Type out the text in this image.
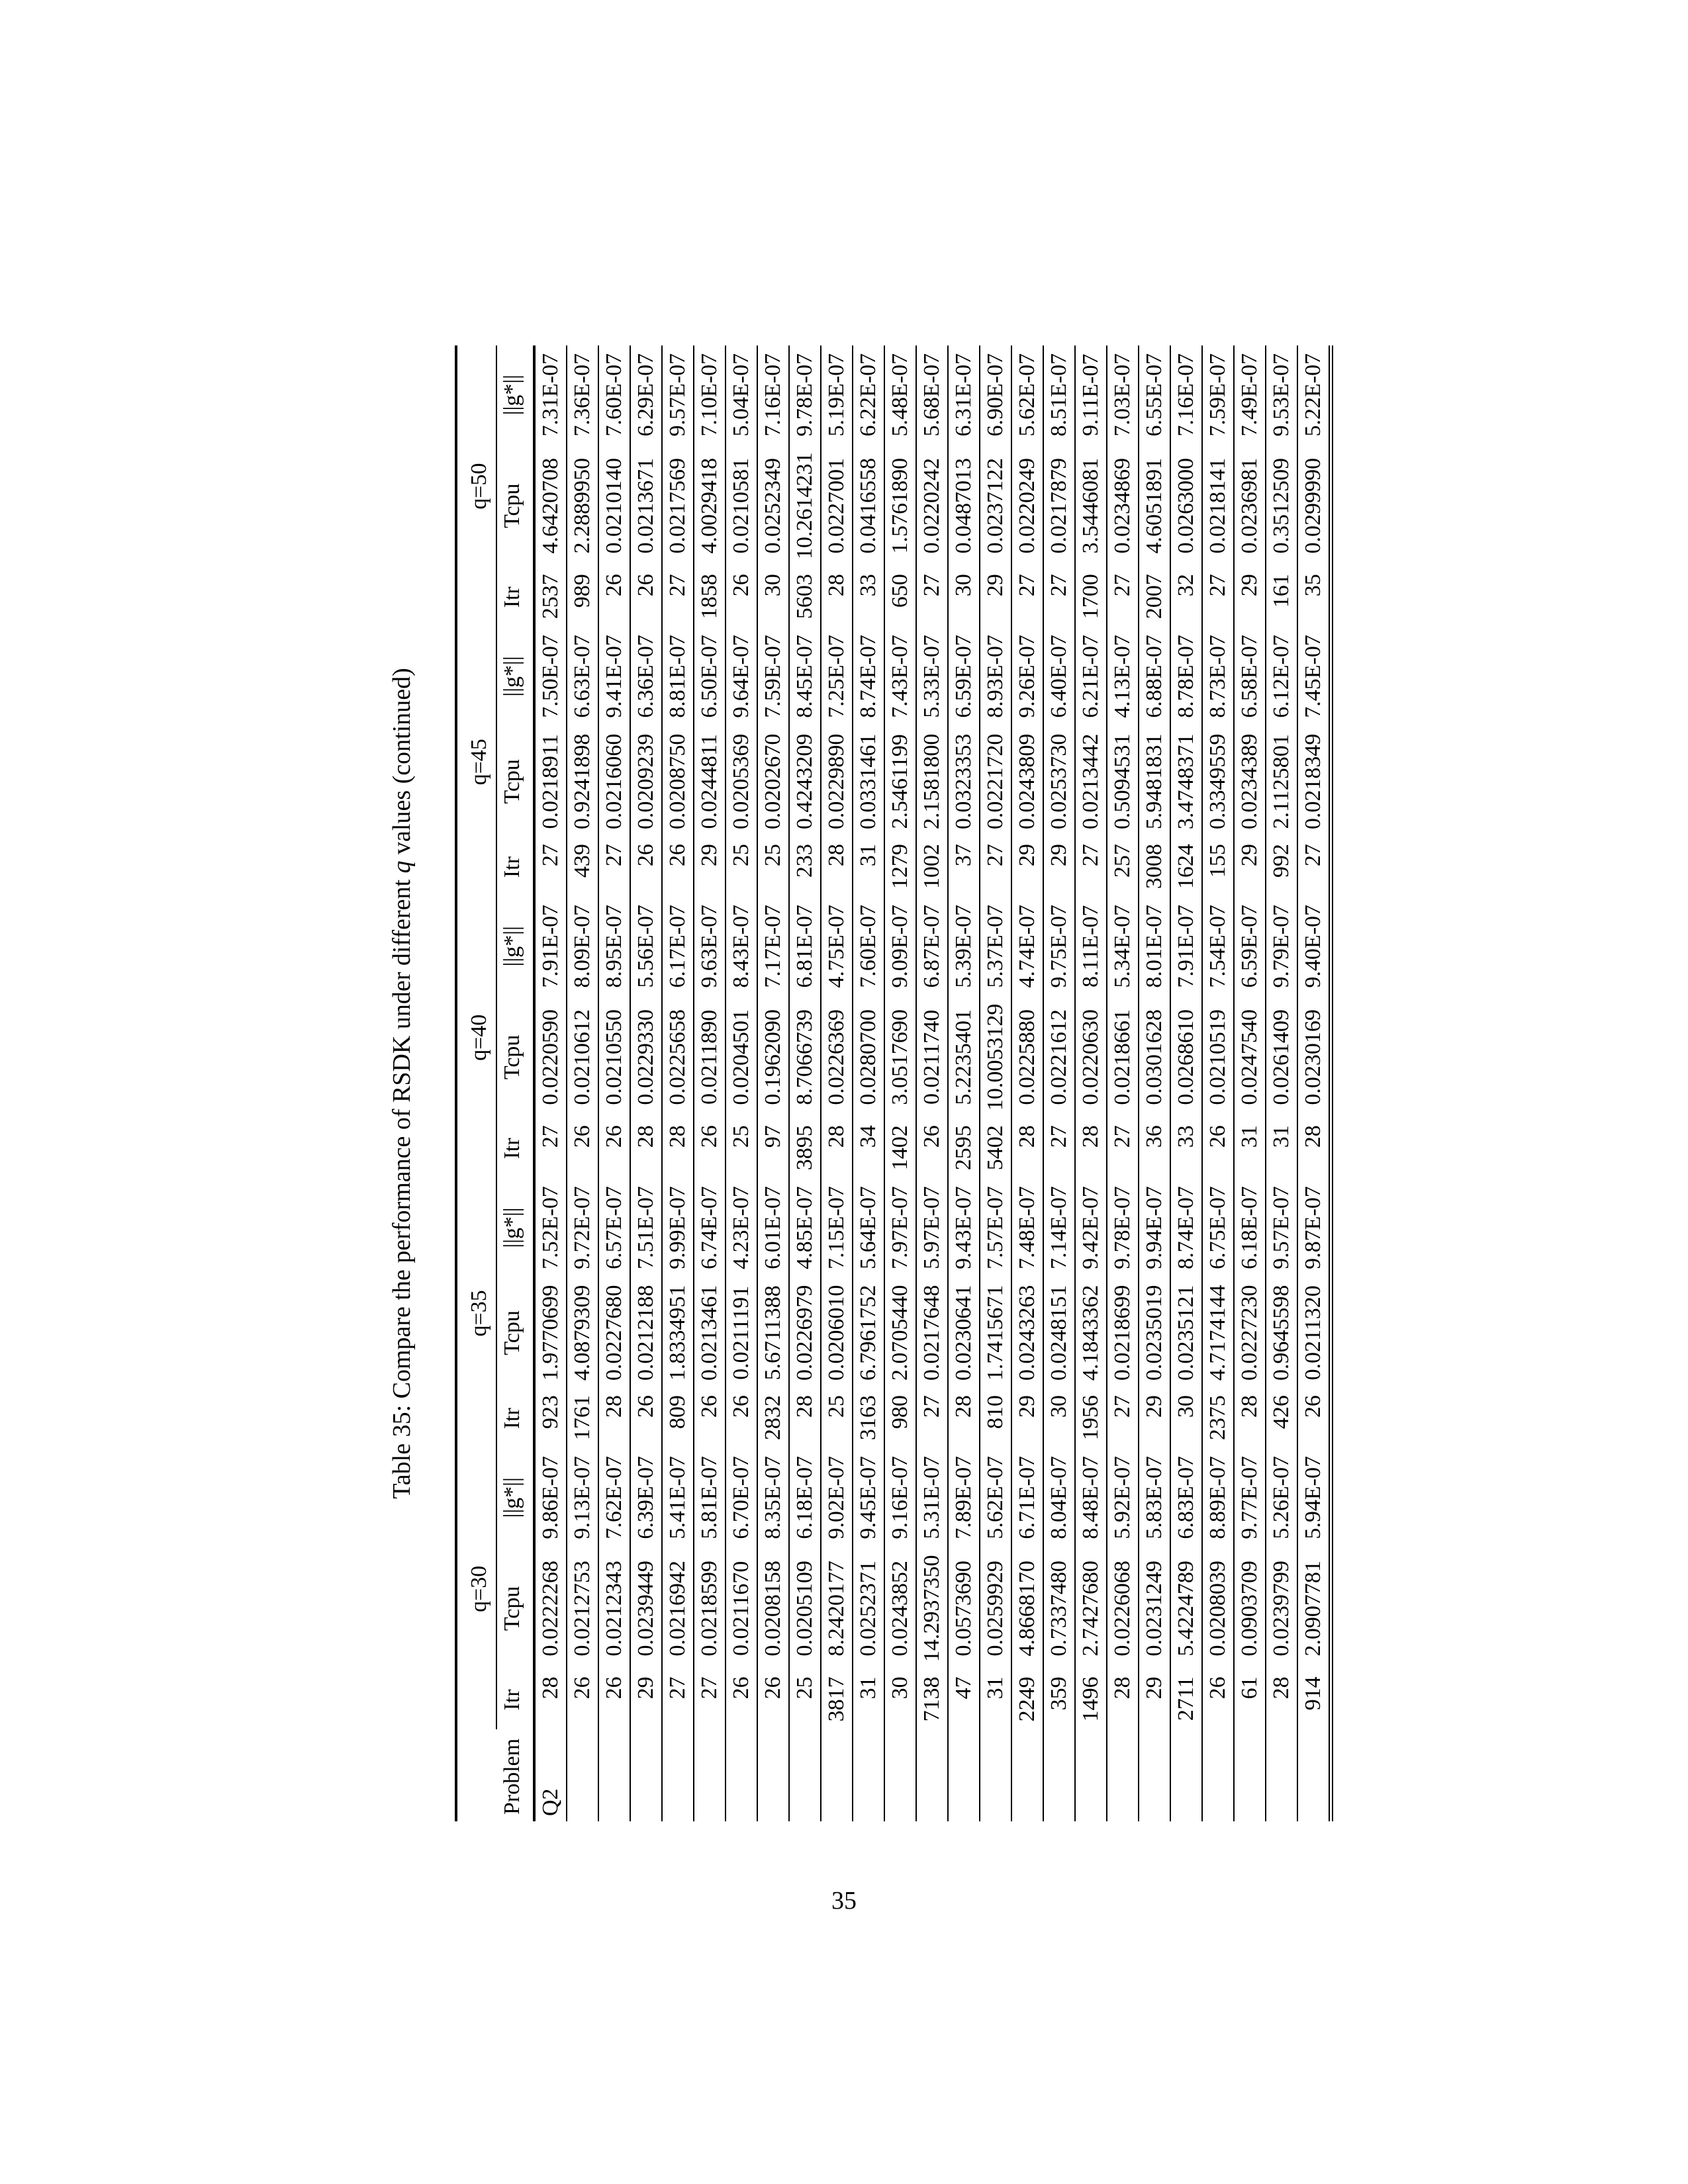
Table 35: Compare the performance of RSDK under different q values (continued)
	q=30			q=35			q=40			q=45			q=50		
Problem	Itr	Tcpu	||g*||	Itr	Tcpu	||g*||	Itr	Tcpu	||g*||	Itr	Tcpu	||g*||	Itr	Tcpu	||g*||
Q2	28	0.0222268	9.86E-07	923	1.9770699	7.52E-07	27	0.0220590	7.91E-07	27	0.0218911	7.50E-07	2537	4.6420708	7.31E-07
	26	0.0212753	9.13E-07	1761	4.0879309	9.72E-07	26	0.0210612	8.09E-07	439	0.9241898	6.63E-07	989	2.2889950	7.36E-07
	26	0.0212343	7.62E-07	28	0.0227680	6.57E-07	26	0.0210550	8.95E-07	27	0.0216060	9.41E-07	26	0.0210140	7.60E-07
	29	0.0239449	6.39E-07	26	0.0212188	7.51E-07	28	0.0229330	5.56E-07	26	0.0209239	6.36E-07	26	0.0213671	6.29E-07
	27	0.0216942	5.41E-07	809	1.8334951	9.99E-07	28	0.0225658	6.17E-07	26	0.0208750	8.81E-07	27	0.0217569	9.57E-07
	27	0.0218599	5.81E-07	26	0.0213461	6.74E-07	26	0.0211890	9.63E-07	29	0.0244811	6.50E-07	1858	4.0029418	7.10E-07
	26	0.0211670	6.70E-07	26	0.0211191	4.23E-07	25	0.0204501	8.43E-07	25	0.0205369	9.64E-07	26	0.0210581	5.04E-07
	26	0.0208158	8.35E-07	2832	5.6711388	6.01E-07	97	0.1962090	7.17E-07	25	0.0202670	7.59E-07	30	0.0252349	7.16E-07
	25	0.0205109	6.18E-07	28	0.0226979	4.85E-07	3895	8.7066739	6.81E-07	233	0.4243209	8.45E-07	5603	10.2614231	9.78E-07
	3817	8.2420177	9.02E-07	25	0.0206010	7.15E-07	28	0.0226369	4.75E-07	28	0.0229890	7.25E-07	28	0.0227001	5.19E-07
	31	0.0252371	9.45E-07	3163	6.7961752	5.64E-07	34	0.0280700	7.60E-07	31	0.0331461	8.74E-07	33	0.0416558	6.22E-07
	30	0.0243852	9.16E-07	980	2.0705440	7.97E-07	1402	3.0517690	9.09E-07	1279	2.5461199	7.43E-07	650	1.5761890	5.48E-07
	7138	14.2937350	5.31E-07	27	0.0217648	5.97E-07	26	0.0211740	6.87E-07	1002	2.1581800	5.33E-07	27	0.0220242	5.68E-07
	47	0.0573690	7.89E-07	28	0.0230641	9.43E-07	2595	5.2235401	5.39E-07	37	0.0323353	6.59E-07	30	0.0487013	6.31E-07
	31	0.0259929	5.62E-07	810	1.7415671	7.57E-07	5402	10.0053129	5.37E-07	27	0.0221720	8.93E-07	29	0.0237122	6.90E-07
	2249	4.8668170	6.71E-07	29	0.0243263	7.48E-07	28	0.0225880	4.74E-07	29	0.0243809	9.26E-07	27	0.0220249	5.62E-07
	359	0.7337480	8.04E-07	30	0.0248151	7.14E-07	27	0.0221612	9.75E-07	29	0.0253730	6.40E-07	27	0.0217879	8.51E-07
	1496	2.7427680	8.48E-07	1956	4.1843362	9.42E-07	28	0.0220630	8.11E-07	27	0.0213442	6.21E-07	1700	3.5446081	9.11E-07
	28	0.0226068	5.92E-07	27	0.0218699	9.78E-07	27	0.0218661	5.34E-07	257	0.5094531	4.13E-07	27	0.0234869	7.03E-07
	29	0.0231249	5.83E-07	29	0.0235019	9.94E-07	36	0.0301628	8.01E-07	3008	5.9481831	6.88E-07	2007	4.6051891	6.55E-07
	2711	5.4224789	6.83E-07	30	0.0235121	8.74E-07	33	0.0268610	7.91E-07	1624	3.4748371	8.78E-07	32	0.0263000	7.16E-07
	26	0.0208039	8.89E-07	2375	4.7174144	6.75E-07	26	0.0210519	7.54E-07	155	0.3349559	8.73E-07	27	0.0218141	7.59E-07
	61	0.0903709	9.77E-07	28	0.0227230	6.18E-07	31	0.0247540	6.59E-07	29	0.0234389	6.58E-07	29	0.0236981	7.49E-07
	28	0.0239799	5.26E-07	426	0.9645598	9.57E-07	31	0.0261409	9.79E-07	992	2.1125801	6.12E-07	161	0.3512509	9.53E-07
	914	2.0907781	5.94E-07	26	0.0211320	9.87E-07	28	0.0230169	9.40E-07	27	0.0218349	7.45E-07	35	0.0299990	5.22E-07
35
